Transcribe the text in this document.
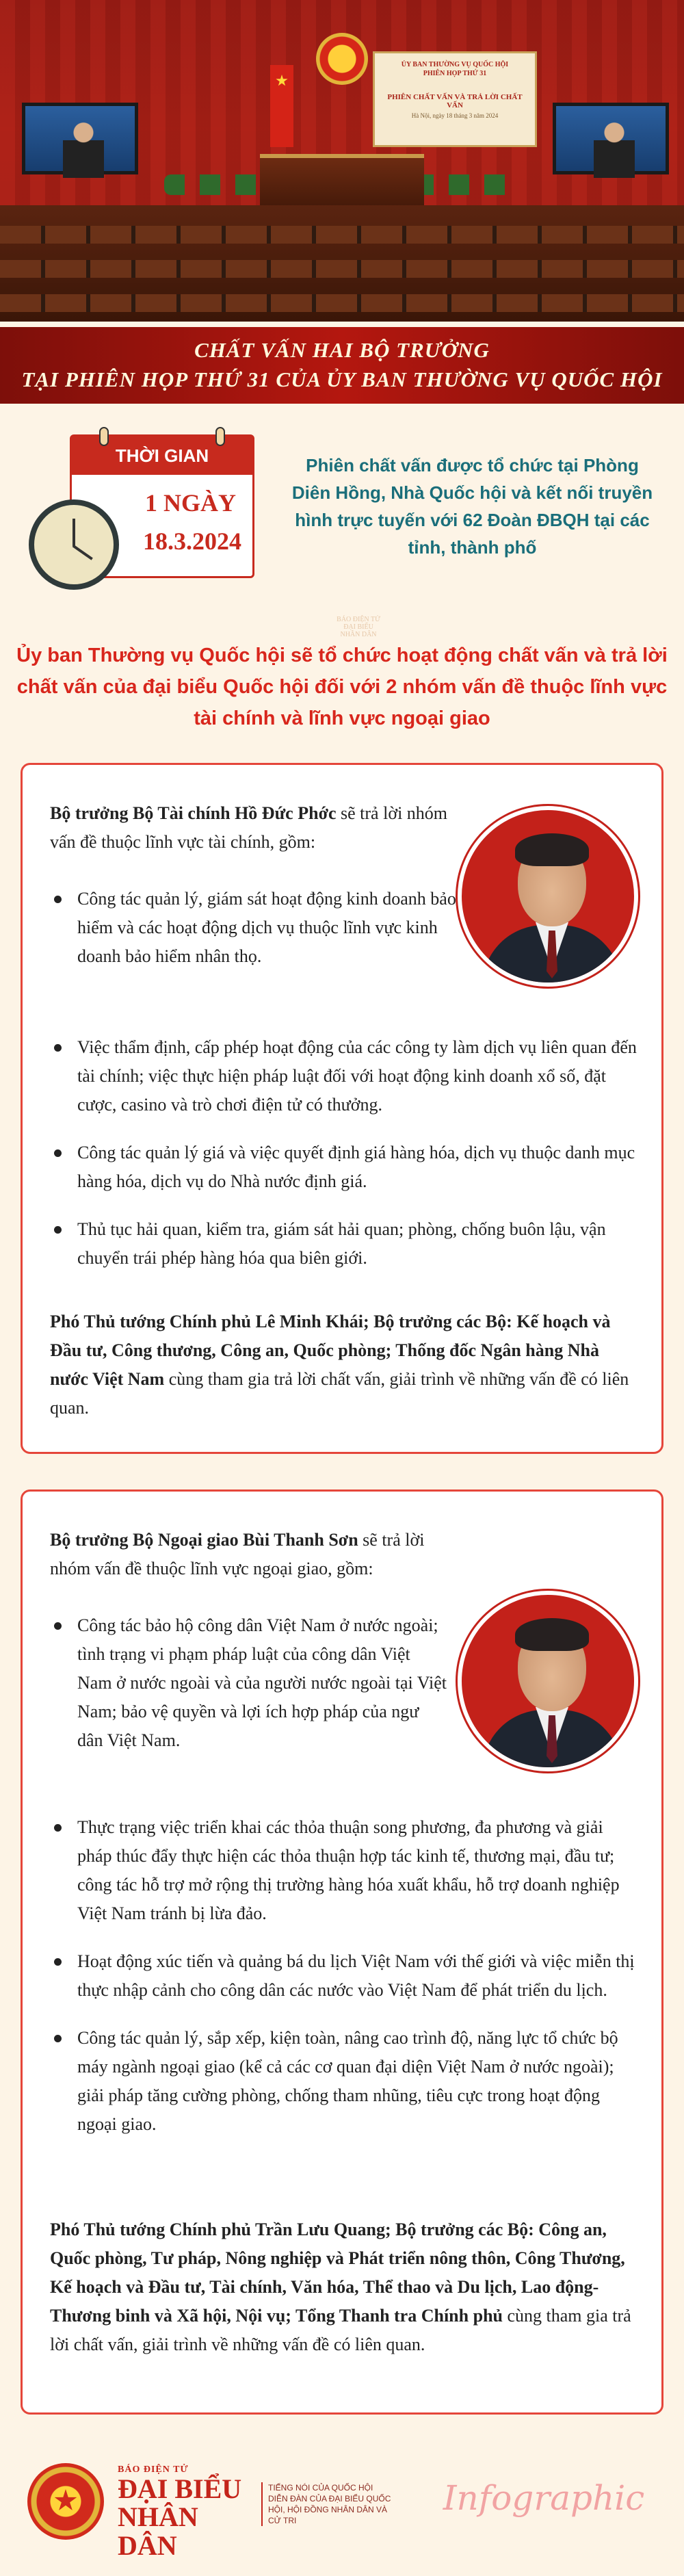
ỦY BAN THƯỜNG VỤ QUỐC HỘI
PHIÊN HỌP THỨ 31
PHIÊN CHẤT VẤN VÀ TRẢ LỜI CHẤT VẤN
Hà Nội, ngày 18 tháng 3 năm 2024
CHẤT VẤN HAI BỘ TRƯỞNG
TẠI PHIÊN HỌP THỨ 31 CỦA ỦY BAN THƯỜNG VỤ QUỐC HỘI
THỜI GIAN
1 NGÀY
18.3.2024
Phiên chất vấn được tổ chức tại Phòng Diên Hồng, Nhà Quốc hội và kết nối truyền hình trực tuyến với 62 Đoàn ĐBQH tại các tỉnh, thành phố
BÁO ĐIỆN TỬ ĐẠI BIỂU NHÂN DÂN
Ủy ban Thường vụ Quốc hội sẽ tổ chức hoạt động chất vấn và trả lời chất vấn của đại biểu Quốc hội đối với 2 nhóm vấn đề thuộc lĩnh vực tài chính và lĩnh vực ngoại giao
Bộ trưởng Bộ Tài chính Hồ Đức Phớc sẽ trả lời nhóm vấn đề thuộc lĩnh vực tài chính, gồm:
Công tác quản lý, giám sát hoạt động kinh doanh bảo hiểm và các hoạt động dịch vụ thuộc lĩnh vực kinh doanh bảo hiểm nhân thọ.
Việc thẩm định, cấp phép hoạt động của các công ty làm dịch vụ liên quan đến tài chính; việc thực hiện pháp luật đối với hoạt động kinh doanh xổ số, đặt cược, casino và trò chơi điện tử có thưởng.
Công tác quản lý giá và việc quyết định giá hàng hóa, dịch vụ thuộc danh mục hàng hóa, dịch vụ do Nhà nước định giá.
Thủ tục hải quan, kiểm tra, giám sát hải quan; phòng, chống buôn lậu, vận chuyển trái phép hàng hóa qua biên giới.
Phó Thủ tướng Chính phủ Lê Minh Khái; Bộ trưởng các Bộ: Kế hoạch và Đầu tư, Công thương, Công an, Quốc phòng; Thống đốc Ngân hàng Nhà nước Việt Nam cùng tham gia trả lời chất vấn, giải trình về những vấn đề có liên quan.
Bộ trưởng Bộ Ngoại giao Bùi Thanh Sơn sẽ trả lời nhóm vấn đề thuộc lĩnh vực ngoại giao, gồm:
Công tác bảo hộ công dân Việt Nam ở nước ngoài; tình trạng vi phạm pháp luật của công dân Việt Nam ở nước ngoài và của người nước ngoài tại Việt Nam; bảo vệ quyền và lợi ích hợp pháp của ngư dân Việt Nam.
Thực trạng việc triển khai các thỏa thuận song phương, đa phương và giải pháp thúc đẩy thực hiện các thỏa thuận hợp tác kinh tế, thương mại, đầu tư; công tác hỗ trợ mở rộng thị trường hàng hóa xuất khẩu, hỗ trợ doanh nghiệp Việt Nam tránh bị lừa đảo.
Hoạt động xúc tiến và quảng bá du lịch Việt Nam với thế giới và việc miễn thị thực nhập cảnh cho công dân các nước vào Việt Nam để phát triển du lịch.
Công tác quản lý, sắp xếp, kiện toàn, nâng cao trình độ, năng lực tổ chức bộ máy ngành ngoại giao (kể cả các cơ quan đại diện Việt Nam ở nước ngoài); giải pháp tăng cường phòng, chống tham nhũng, tiêu cực trong hoạt động ngoại giao.
Phó Thủ tướng Chính phủ Trần Lưu Quang; Bộ trưởng các Bộ: Công an, Quốc phòng, Tư pháp, Nông nghiệp và Phát triển nông thôn, Công Thương, Kế hoạch và Đầu tư, Tài chính, Văn hóa, Thể thao và Du lịch, Lao động-Thương binh và Xã hội, Nội vụ; Tổng Thanh tra Chính phủ cùng tham gia trả lời chất vấn, giải trình về những vấn đề có liên quan.
BÁO ĐIỆN TỬ
ĐẠI BIỂU
NHÂN DÂN
TIẾNG NÓI CỦA QUỐC HỘI DIỄN ĐÀN CỦA ĐẠI BIỂU QUỐC HỘI, HỘI ĐỒNG NHÂN DÂN VÀ CỬ TRI
Infographic
